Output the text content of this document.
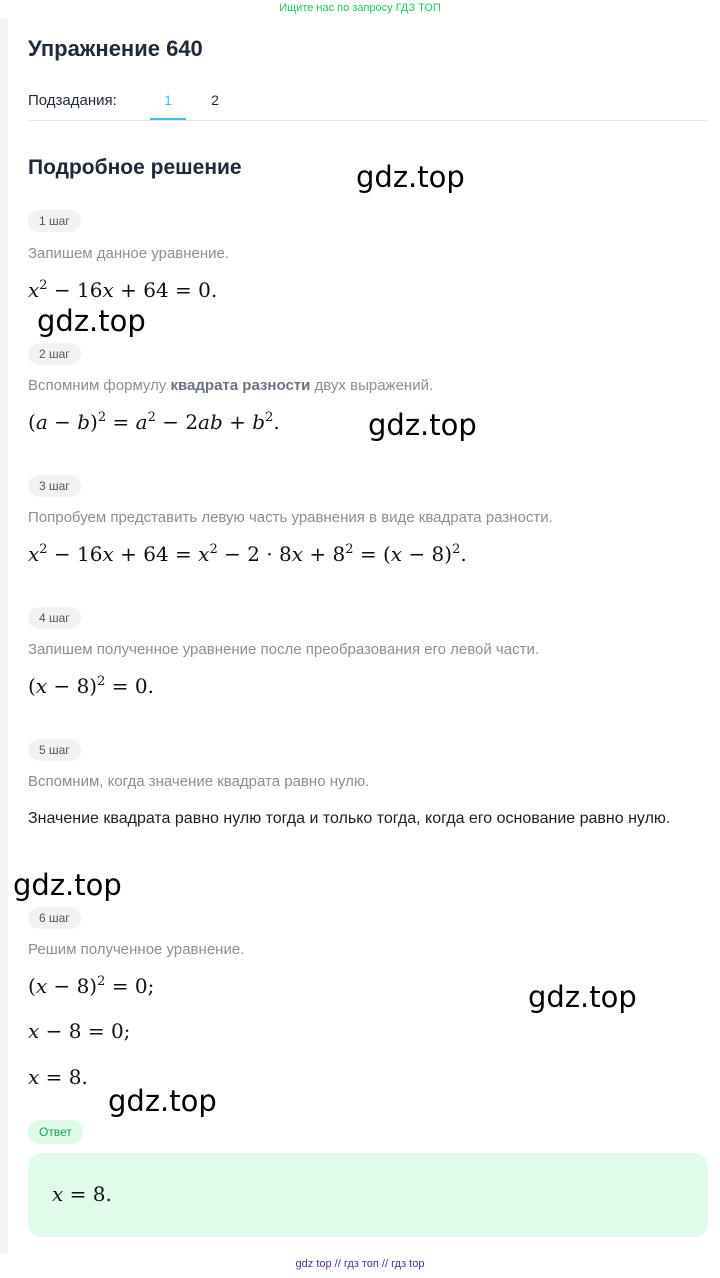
Ищите нас по запросу ГДЗ ТОП
Упражнение 640
Подзадания:	1	2
Подробное решение
1 шаг
Запишем данное уравнение.
$x^2 - 16x + 64 = 0$.
2 шаг
Вспомним формулу квадрата разности двух выражений.
$(a - b)^2 = a^2 - 2ab + b^2$.
3 шаг
Попробуем представить левую часть уравнения в виде квадрата разности.
$x^2 - 16x + 64 = x^2 - 2 \cdot 8x + 8^2 = (x - 8)^2$.
4 шаг
Запишем полученное уравнение после преобразования его левой части.
$(x - 8)^2 = 0$.
5 шаг
Вспомним, когда значение квадрата равно нулю.
Значение квадрата равно нулю тогда и только тогда, когда его основание равно нулю.
6 шаг
Решим полученное уравнение.
$(x - 8)^2 = 0$;
x − 8 = 0;
x = 8.
Ответ
x = 8.
gdz.top
gdz.top
gdz.top
gdz.top
gdz.top
gdz.top
gdz top // гдз топ // гдз top
